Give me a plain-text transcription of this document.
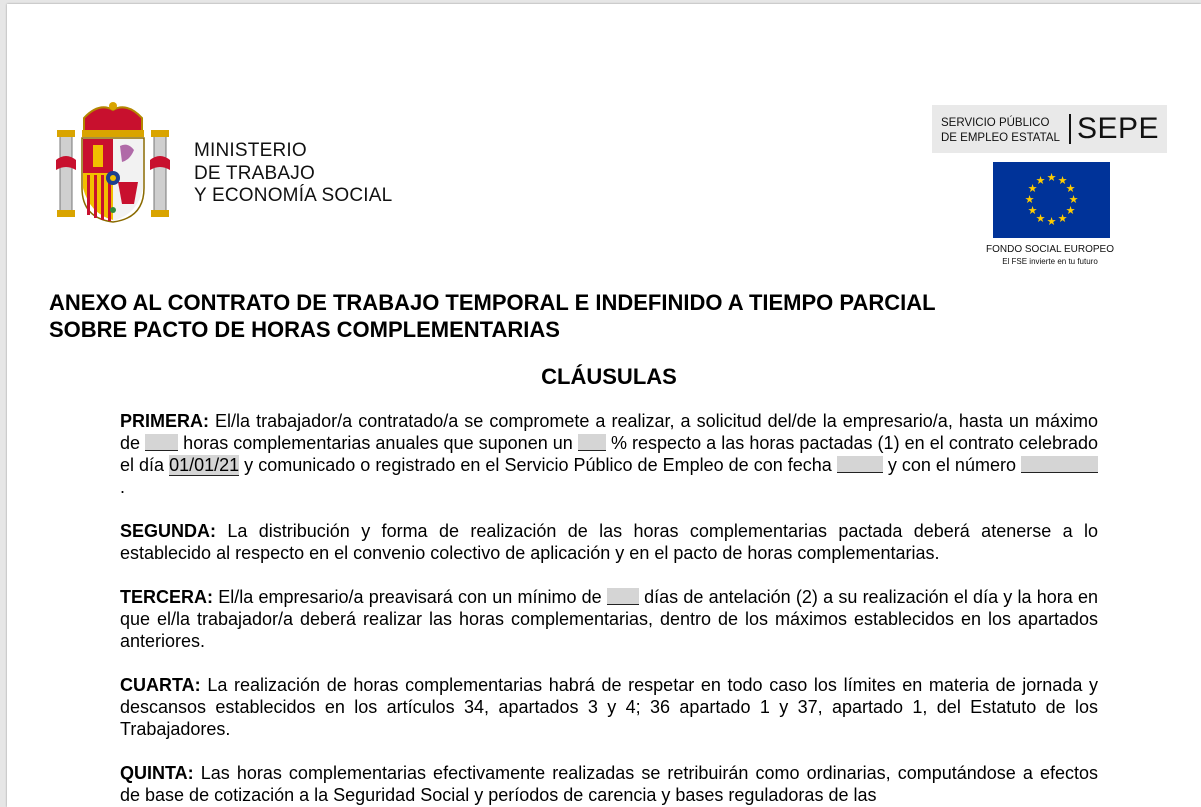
MINISTERIO
DE TRABAJO
Y ECONOMÍA SOCIAL
SERVICIO PÚBLICO
DE EMPLEO ESTATAL SEPE
★ ★
★
★
★
★
★
★
★
★
★
★
FONDO SOCIAL EUROPEO
El FSE invierte en tu futuro
ANEXO AL CONTRATO DE TRABAJO TEMPORAL E INDEFINIDO A TIEMPO PARCIAL
SOBRE PACTO DE HORAS COMPLEMENTARIAS
CLÁUSULAS

PRIMERA: El/la trabajador/a contratado/a se compromete a realizar, a solicitud del/de la empresario/a, hasta un máximo de  horas complementarias anuales que suponen un  % respecto a las horas pactadas (1) en el contrato celebrado el día 01/01/21 y comunicado o registrado en el Servicio Público de Empleo de con fecha	y con el número .

SEGUNDA: La distribución y forma de realización de las horas complementarias pactada deberá atenerse a lo establecido al respecto en el convenio colectivo de aplicación y en el pacto de horas complementarias.

TERCERA: El/la empresario/a preavisará con un mínimo de  días de antelación (2) a su realización el día y la hora en que el/la trabajador/a deberá realizar las horas complementarias, dentro de los máximos establecidos en los apartados anteriores.

CUARTA: La realización de horas complementarias habrá de respetar en todo caso los límites en materia de jornada y descansos establecidos en los artículos 34, apartados 3 y 4; 36 apartado 1 y 37, apartado 1, del Estatuto de los Trabajadores.

QUINTA: Las horas complementarias efectivamente realizadas se retribuirán como ordinarias, computándose a efectos de base de cotización a la Seguridad Social y períodos de carencia y bases reguladoras de las
